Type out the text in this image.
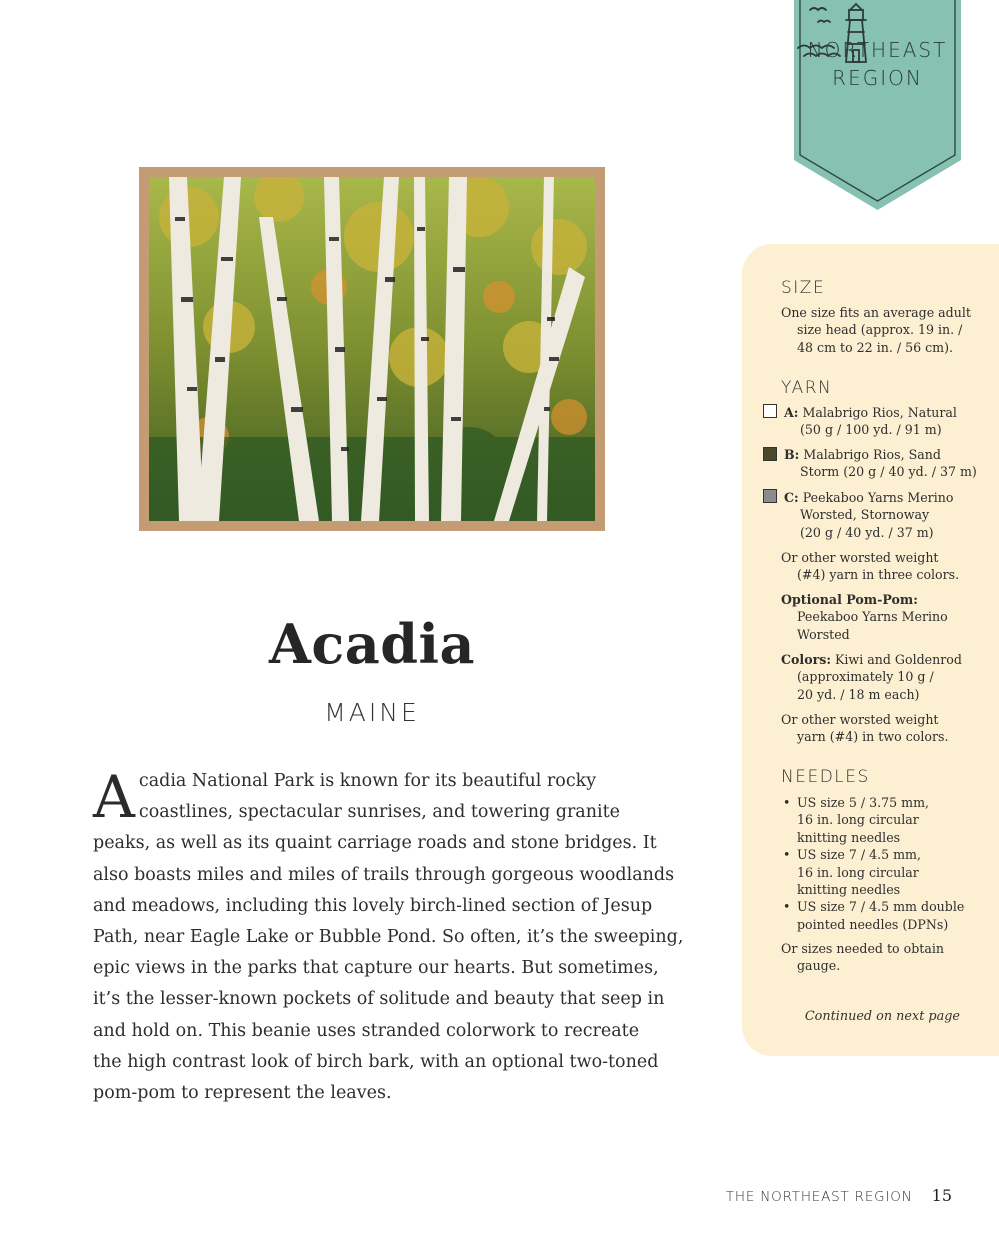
NORTHEAST
REGION
Acadia
MAINE
A cadia National Park is known for its beautiful rocky
coastlines, spectacular sunrises, and towering granite
peaks, as well as its quaint carriage roads and stone bridges. It
also boasts miles and miles of trails through gorgeous woodlands
and meadows, including this lovely birch-lined section of Jesup
Path, near Eagle Lake or Bubble Pond. So often, it’s the sweeping,
epic views in the parks that capture our hearts. But sometimes,
it’s the lesser-known pockets of solitude and beauty that seep in
and hold on. This beanie uses stranded colorwork to recreate
the high contrast look of birch bark, with an optional two-toned
pom-pom to represent the leaves.
SIZE
One size fits an average adult
size head (approx. 19 in. /
48 cm to 22 in. / 56 cm).
YARN
A: Malabrigo Rios, Natural
(50 g / 100 yd. / 91 m)
B: Malabrigo Rios, Sand
Storm (20 g / 40 yd. / 37 m)
C: Peekaboo Yarns Merino
Worsted, Stornoway
(20 g / 40 yd. / 37 m)
Or other worsted weight
(#4) yarn in three colors.
Optional Pom-Pom:
Peekaboo Yarns Merino
Worsted
Colors: Kiwi and Goldenrod
(approximately 10 g /
20 yd. / 18 m each)
Or other worsted weight
yarn (#4) in two colors.
NEEDLES
• US size 5 / 3.75 mm,
16 in. long circular
knitting needles
• US size 7 / 4.5 mm,
16 in. long circular
knitting needles
• US size 7 / 4.5 mm double
pointed needles (DPNs)
Or sizes needed to obtain
gauge.
Continued on next page
THE NORTHEAST REGION 15
